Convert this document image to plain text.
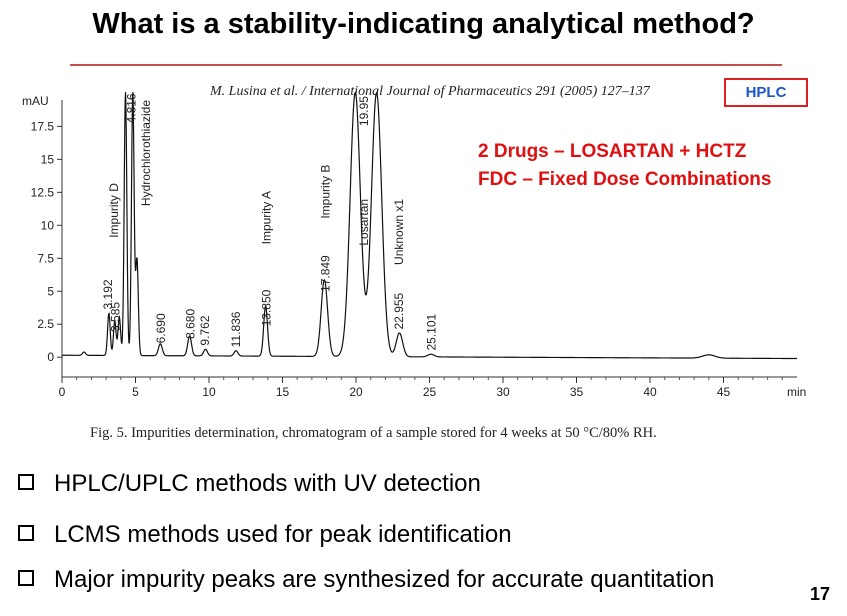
What is a stability-indicating analytical method?
M. Lusina et al. / International Journal of Pharmaceutics 291 (2005) 127–137	HPLC
2 Drugs – LOSARTAN + HCTZ
FDC – Fixed Dose Combinations
0	5	10	15	20	25	30	35	40	45	min
0
2.5
5
7.5
10
12.5
15
17.5
mAU
3.192
3.585
Impurity D
4.816 Hydrochlorothiazide
6.690 8.680 9.762 11.836
13.850
Impurity A
17.849
Impurity B
Losartan
19.95
22.955
Unknown x1
25.101
Fig. 5. Impurities determination, chromatogram of a sample stored for 4 weeks at 50 °C/80% RH.
HPLC/UPLC methods with UV detection
LCMS methods used for peak identification
Major impurity peaks are synthesized for accurate quantitation
17
